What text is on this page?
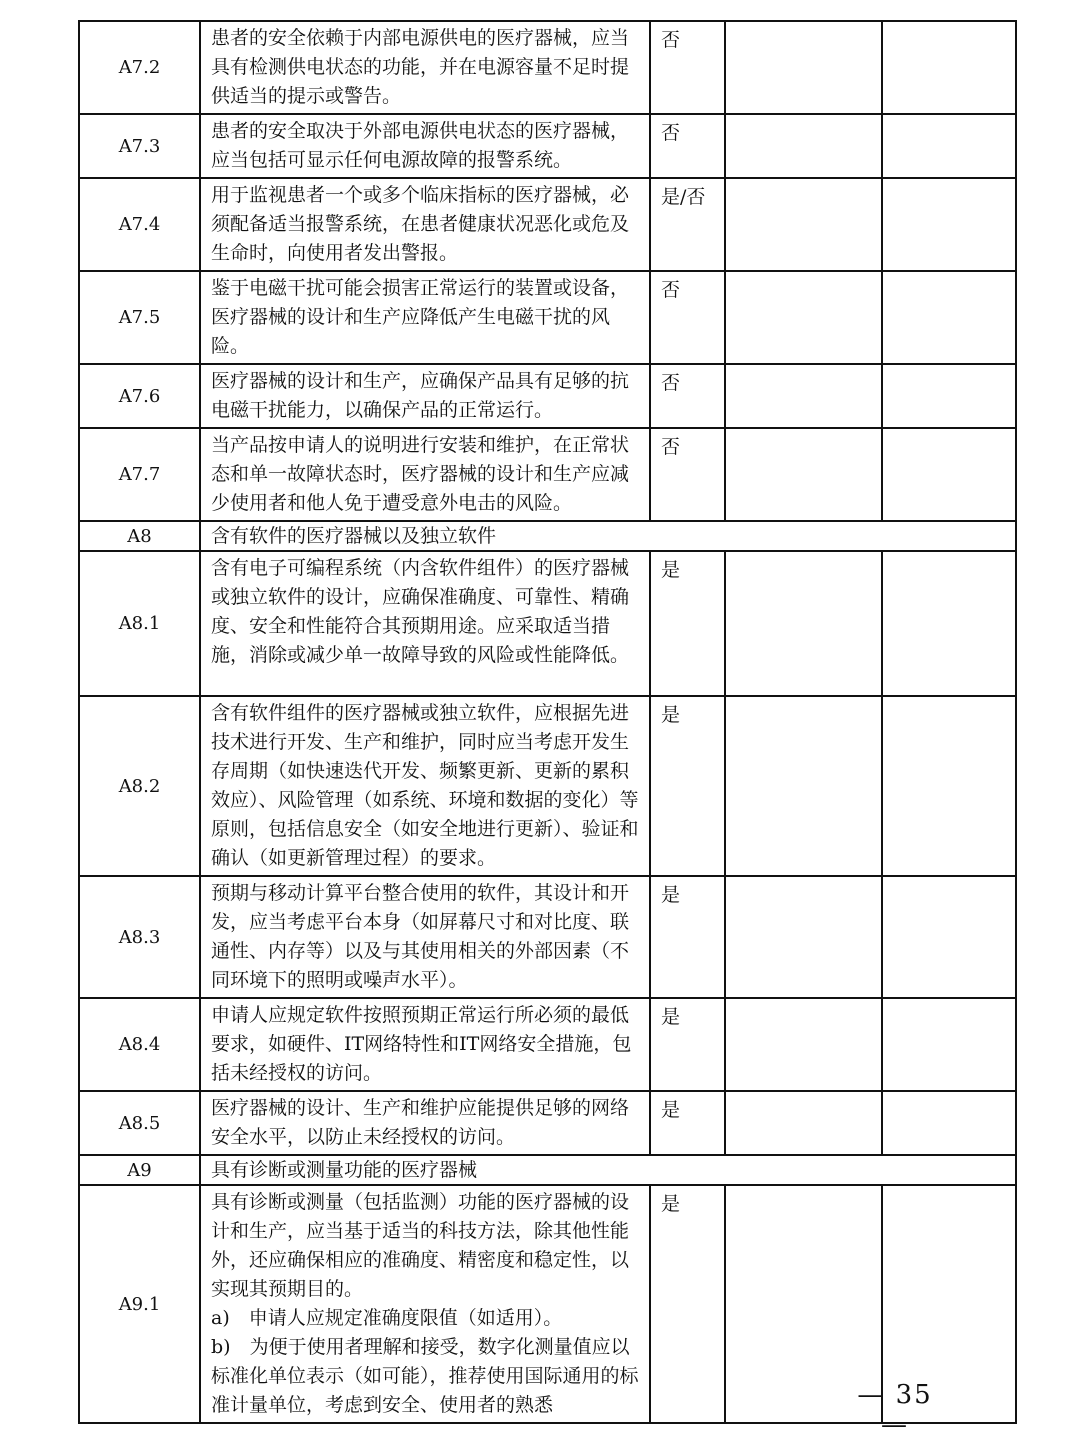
A7.2	患者的安全依赖于内部电源供电的医疗器械，应当具有检测供电状态的功能，并在电源容量不足时提供适当的提示或警告。	否		
A7.3	患者的安全取决于外部电源供电状态的医疗器械，应当包括可显示任何电源故障的报警系统。	否		
A7.4	用于监视患者一个或多个临床指标的医疗器械，必须配备适当报警系统，在患者健康状况恶化或危及生命时，向使用者发出警报。	是/否		
A7.5	鉴于电磁干扰可能会损害正常运行的装置或设备，医疗器械的设计和生产应降低产生电磁干扰的风险。	否		
A7.6	医疗器械的设计和生产，应确保产品具有足够的抗电磁干扰能力，以确保产品的正常运行。	否		
A7.7	当产品按申请人的说明进行安装和维护，在正常状态和单一故障状态时，医疗器械的设计和生产应减少使用者和他人免于遭受意外电击的风险。	否		
A8	含有软件的医疗器械以及独立软件			
A8.1	含有电子可编程系统（内含软件组件）的医疗器械或独立软件的设计，应确保准确度、可靠性、精确度、安全和性能符合其预期用途。应采取适当措施，消除或减少单一故障导致的风险或性能降低。	是		
A8.2	含有软件组件的医疗器械或独立软件，应根据先进技术进行开发、生产和维护，同时应当考虑开发生存周期（如快速迭代开发、频繁更新、更新的累积效应）、风险管理（如系统、环境和数据的变化）等原则，包括信息安全（如安全地进行更新）、验证和确认（如更新管理过程）的要求。	是		
A8.3	预期与移动计算平台整合使用的软件，其设计和开发，应当考虑平台本身（如屏幕尺寸和对比度、联通性、内存等）以及与其使用相关的外部因素（不同环境下的照明或噪声水平）。	是		
A8.4	申请人应规定软件按照预期正常运行所必须的最低要求，如硬件、IT网络特性和IT网络安全措施，包括未经授权的访问。	是		
A8.5	医疗器械的设计、生产和维护应能提供足够的网络安全水平，以防止未经授权的访问。	是		
A9	具有诊断或测量功能的医疗器械			
A9.1	具有诊断或测量（包括监测）功能的医疗器械的设计和生产，应当基于适当的科技方法，除其他性能外，还应确保相应的准确度、精密度和稳定性，以实现其预期目的。

a)　申请人应规定准确度限值（如适用）。

b)　为便于使用者理解和接受，数字化测量值应以标准化单位表示（如可能），推荐使用国际通用的标准计量单位，考虑到安全、使用者的熟悉	是		
— 35 —
